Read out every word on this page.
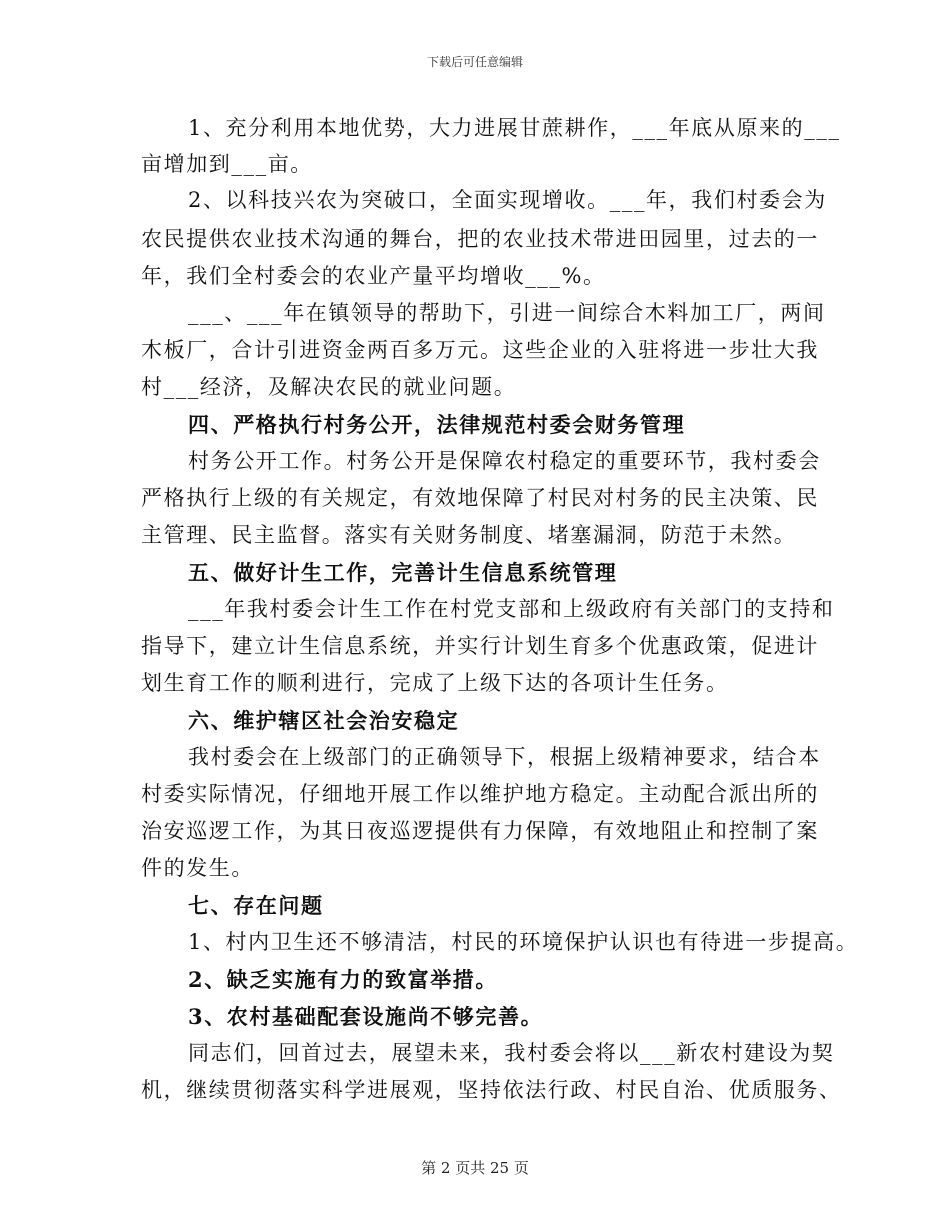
下载后可任意编辑
1、充分利用本地优势，大力进展甘蔗耕作，___年底从原来的___
亩增加到___亩。
2、以科技兴农为突破口，全面实现增收。___年，我们村委会为
农民提供农业技术沟通的舞台，把的农业技术带进田园里，过去的一
年，我们全村委会的农业产量平均增收___%。
___、___年在镇领导的帮助下，引进一间综合木料加工厂，两间
木板厂，合计引进资金两百多万元。这些企业的入驻将进一步壮大我
村___经济，及解决农民的就业问题。
四、严格执行村务公开，法律规范村委会财务管理
村务公开工作。村务公开是保障农村稳定的重要环节，我村委会
严格执行上级的有关规定，有效地保障了村民对村务的民主决策、民
主管理、民主监督。落实有关财务制度、堵塞漏洞，防范于未然。
五、做好计生工作，完善计生信息系统管理
___年我村委会计生工作在村党支部和上级政府有关部门的支持和
指导下，建立计生信息系统，并实行计划生育多个优惠政策，促进计
划生育工作的顺利进行，完成了上级下达的各项计生任务。
六、维护辖区社会治安稳定
我村委会在上级部门的正确领导下，根据上级精神要求，结合本
村委实际情况，仔细地开展工作以维护地方稳定。主动配合派出所的
治安巡逻工作，为其日夜巡逻提供有力保障，有效地阻止和控制了案
件的发生。
七、存在问题
1、村内卫生还不够清洁，村民的环境保护认识也有待进一步提高。
2、缺乏实施有力的致富举措。
3、农村基础配套设施尚不够完善。
同志们，回首过去，展望未来，我村委会将以___新农村建设为契
机，继续贯彻落实科学进展观，坚持依法行政、村民自治、优质服务、
第 2 页共 25 页
